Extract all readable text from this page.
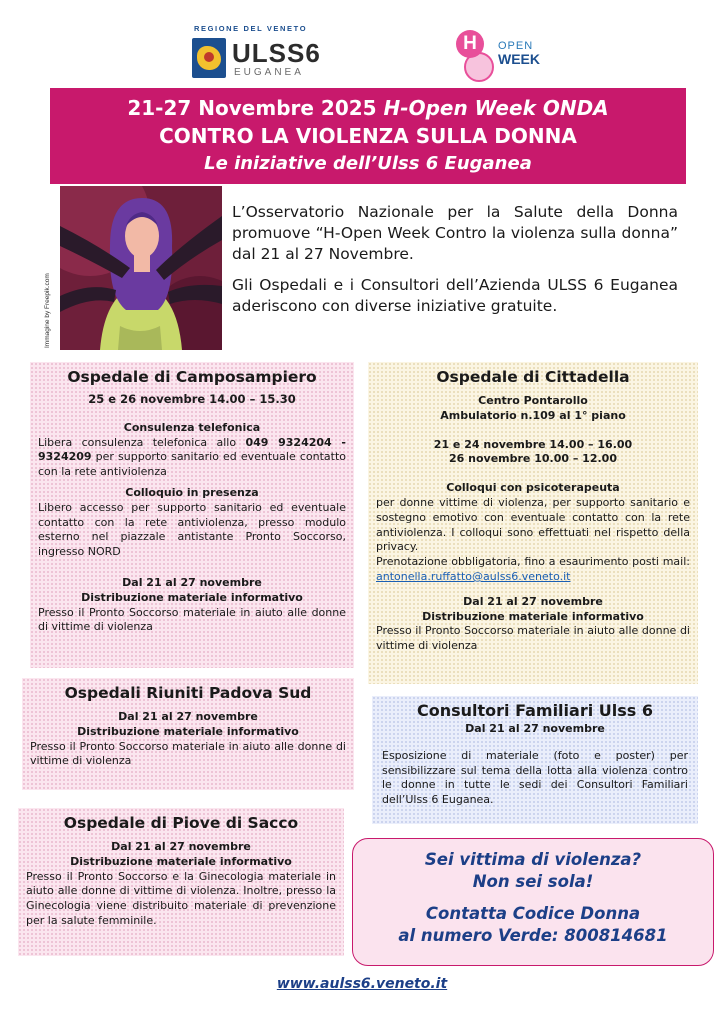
REGIONE DEL VENETO
ULSS6
EUGANEA
H	OPEN
WEEK
21-27 Novembre 2025 H-Open Week ONDA
CONTRO LA VIOLENZA SULLA DONNA
Le iniziative dell’Ulss 6 Euganea
Immagine by Freepik.com

L’Osservatorio Nazionale per la Salute della Donna promuove “H-Open Week Contro la violenza sulla donna” dal 21 al 27 Novembre.

Gli Ospedali e i Consultori dell’Azienda ULSS 6 Euganea aderiscono con diverse iniziative gratuite.

Ospedale di Camposampiero
25 e 26 novembre 14.00 – 15.30
Consulenza telefonica
Libera consulenza telefonica allo 049 9324204 - 9324209 per supporto sanitario ed eventuale contatto con la rete antiviolenza
Colloquio in presenza
Libero accesso per supporto sanitario ed eventuale contatto con la rete antiviolenza, presso modulo esterno nel piazzale antistante Pronto Soccorso, ingresso NORD
Dal 21 al 27 novembre
Distribuzione materiale informativo
Presso il Pronto Soccorso materiale in aiuto alle donne di vittime di violenza
Ospedale di Cittadella
Centro Pontarollo
Ambulatorio n.109 al 1° piano
21 e 24 novembre 14.00 – 16.00
26 novembre 10.00 – 12.00
Colloqui con psicoterapeuta
per donne vittime di violenza, per supporto sanitario e sostegno emotivo con eventuale contatto con la rete antiviolenza. I colloqui sono effettuati nel rispetto della privacy.
Prenotazione obbligatoria, fino a esaurimento posti mail: antonella.ruffatto@aulss6.veneto.it
Dal 21 al 27 novembre
Distribuzione materiale informativo
Presso il Pronto Soccorso materiale in aiuto alle donne di vittime di violenza
Ospedali Riuniti Padova Sud
Dal 21 al 27 novembre
Distribuzione materiale informativo
Presso il Pronto Soccorso materiale in aiuto alle donne di vittime di violenza
Consultori Familiari Ulss 6
Dal 21 al 27 novembre
Esposizione di materiale (foto e poster) per sensibilizzare sul tema della lotta alla violenza contro le donne in tutte le sedi dei Consultori Familiari dell’Ulss 6 Euganea.
Ospedale di Piove di Sacco
Dal 21 al 27 novembre
Distribuzione materiale informativo
Presso il Pronto Soccorso e la Ginecologia materiale in aiuto alle donne di vittime di violenza. Inoltre, presso la Ginecologia viene distribuito materiale di prevenzione per la salute femminile.
Sei vittima di violenza?
Non sei sola!
Contatta Codice Donna
al numero Verde: 800814681
www.aulss6.veneto.it
